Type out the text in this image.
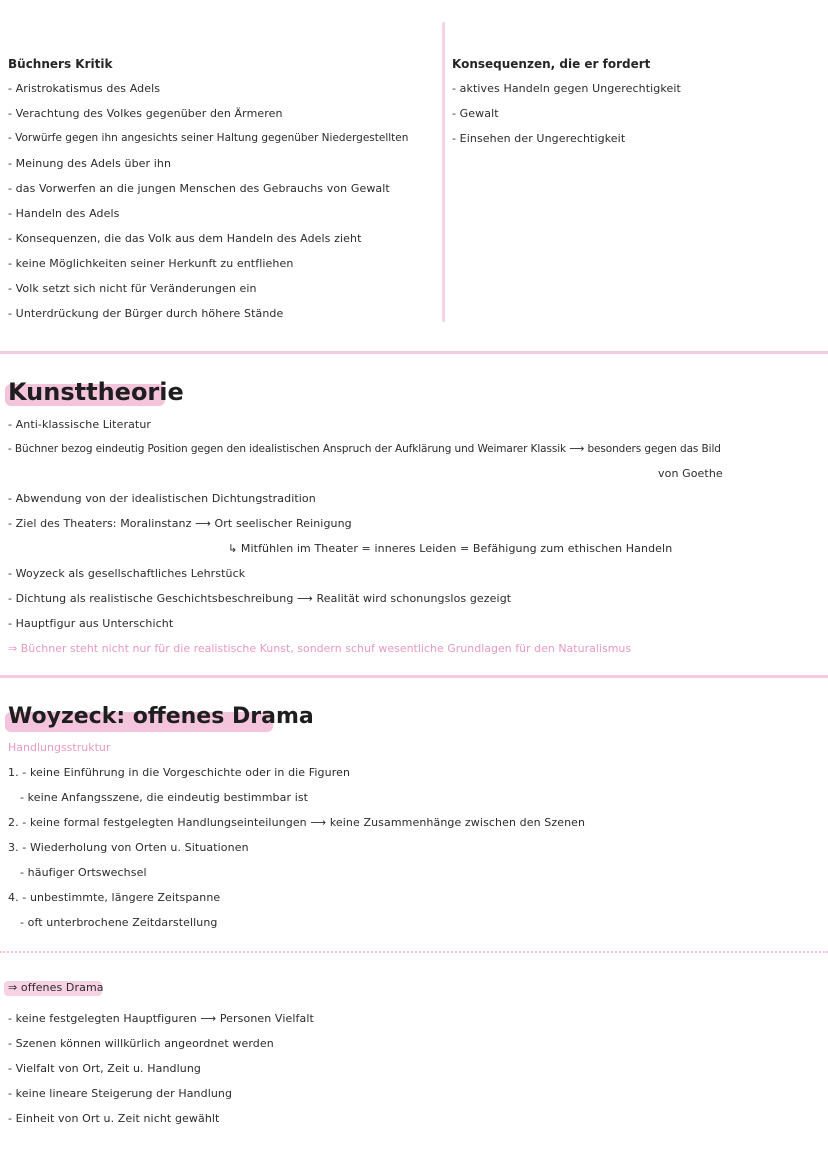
Büchners Kritik
- Aristrokatismus des Adels
- Verachtung des Volkes gegenüber den Ärmeren
- Vorwürfe gegen ihn angesichts seiner Haltung gegenüber Niedergestellten
- Meinung des Adels über ihn
- das Vorwerfen an die jungen Menschen des Gebrauchs von Gewalt
- Handeln des Adels
- Konsequenzen, die das Volk aus dem Handeln des Adels zieht
- keine Möglichkeiten seiner Herkunft zu entfliehen
- Volk setzt sich nicht für Veränderungen ein
- Unterdrückung der Bürger durch höhere Stände
Konsequenzen, die er fordert
- aktives Handeln gegen Ungerechtigkeit
- Gewalt
- Einsehen der Ungerechtigkeit
Kunsttheorie
- Anti-klassische Literatur
- Büchner bezog eindeutig Position gegen den idealistischen Anspruch der Aufklärung und Weimarer Klassik ⟶ besonders gegen das Bild
von Goethe
- Abwendung von der idealistischen Dichtungstradition
- Ziel des Theaters: Moralinstanz ⟶ Ort seelischer Reinigung
↳ Mitfühlen im Theater = inneres Leiden = Befähigung zum ethischen Handeln
- Woyzeck als gesellschaftliches Lehrstück
- Dichtung als realistische Geschichtsbeschreibung ⟶ Realität wird schonungslos gezeigt
- Hauptfigur aus Unterschicht
⇒ Büchner steht nicht nur für die realistische Kunst, sondern schuf wesentliche Grundlagen für den Naturalismus
Woyzeck: offenes Drama
Handlungsstruktur
1. - keine Einführung in die Vorgeschichte oder in die Figuren
- keine Anfangsszene, die eindeutig bestimmbar ist
2. - keine formal festgelegten Handlungseinteilungen ⟶ keine Zusammenhänge zwischen den Szenen
3. - Wiederholung von Orten u. Situationen
- häufiger Ortswechsel
4. - unbestimmte, längere Zeitspanne
- oft unterbrochene Zeitdarstellung
⇒ offenes Drama
- keine festgelegten Hauptfiguren ⟶ Personen Vielfalt
- Szenen können willkürlich angeordnet werden
- Vielfalt von Ort, Zeit u. Handlung
- keine lineare Steigerung der Handlung
- Einheit von Ort u. Zeit nicht gewählt
